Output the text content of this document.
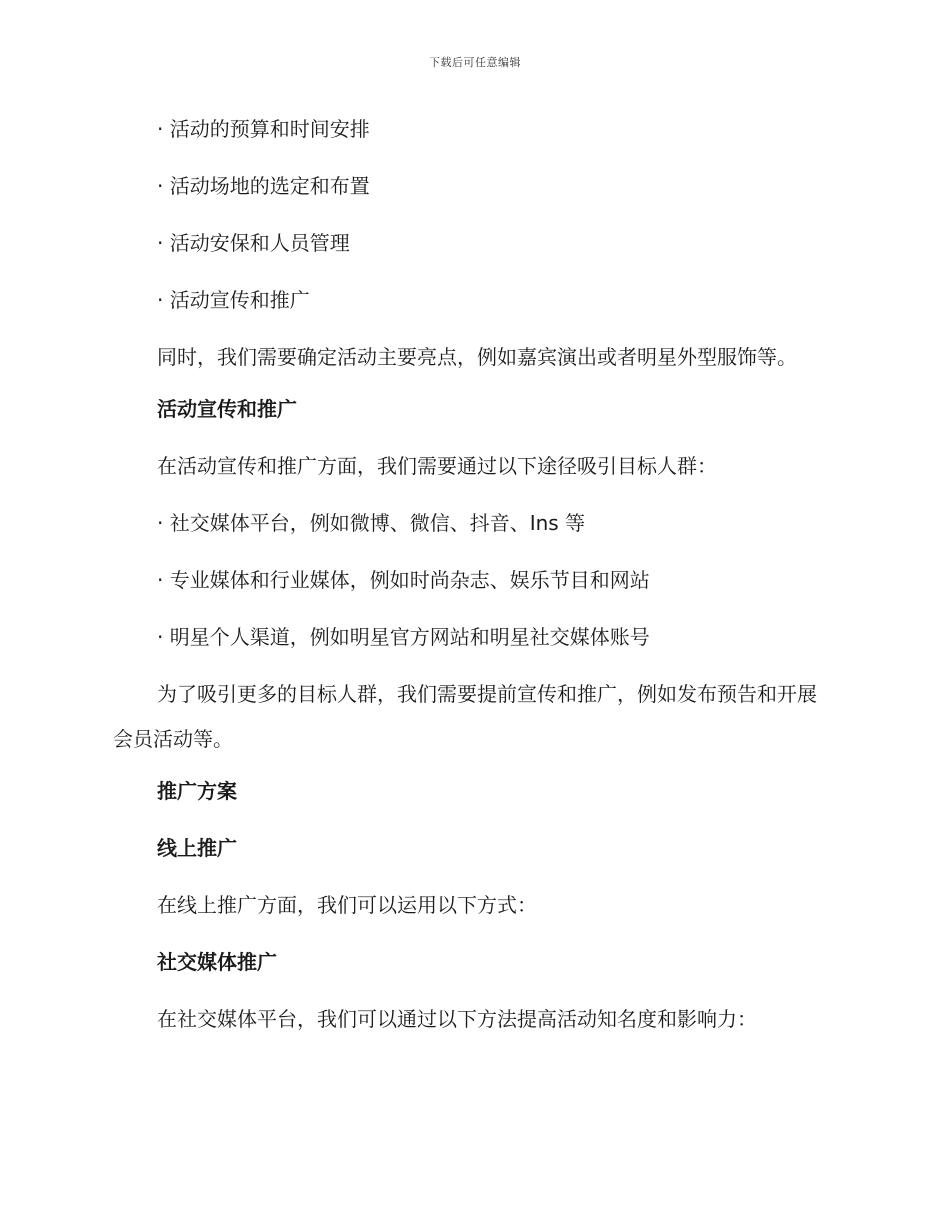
下载后可任意编辑
· 活动的预算和时间安排
· 活动场地的选定和布置
· 活动安保和人员管理
· 活动宣传和推广
同时，我们需要确定活动主要亮点，例如嘉宾演出或者明星外型服饰等。
活动宣传和推广
在活动宣传和推广方面，我们需要通过以下途径吸引目标人群：
· 社交媒体平台，例如微博、微信、抖音、Ins 等
· 专业媒体和行业媒体，例如时尚杂志、娱乐节目和网站
· 明星个人渠道，例如明星官方网站和明星社交媒体账号
为了吸引更多的目标人群，我们需要提前宣传和推广，例如发布预告和开展会员活动等。
推广方案
线上推广
在线上推广方面，我们可以运用以下方式：
社交媒体推广
在社交媒体平台，我们可以通过以下方法提高活动知名度和影响力：
